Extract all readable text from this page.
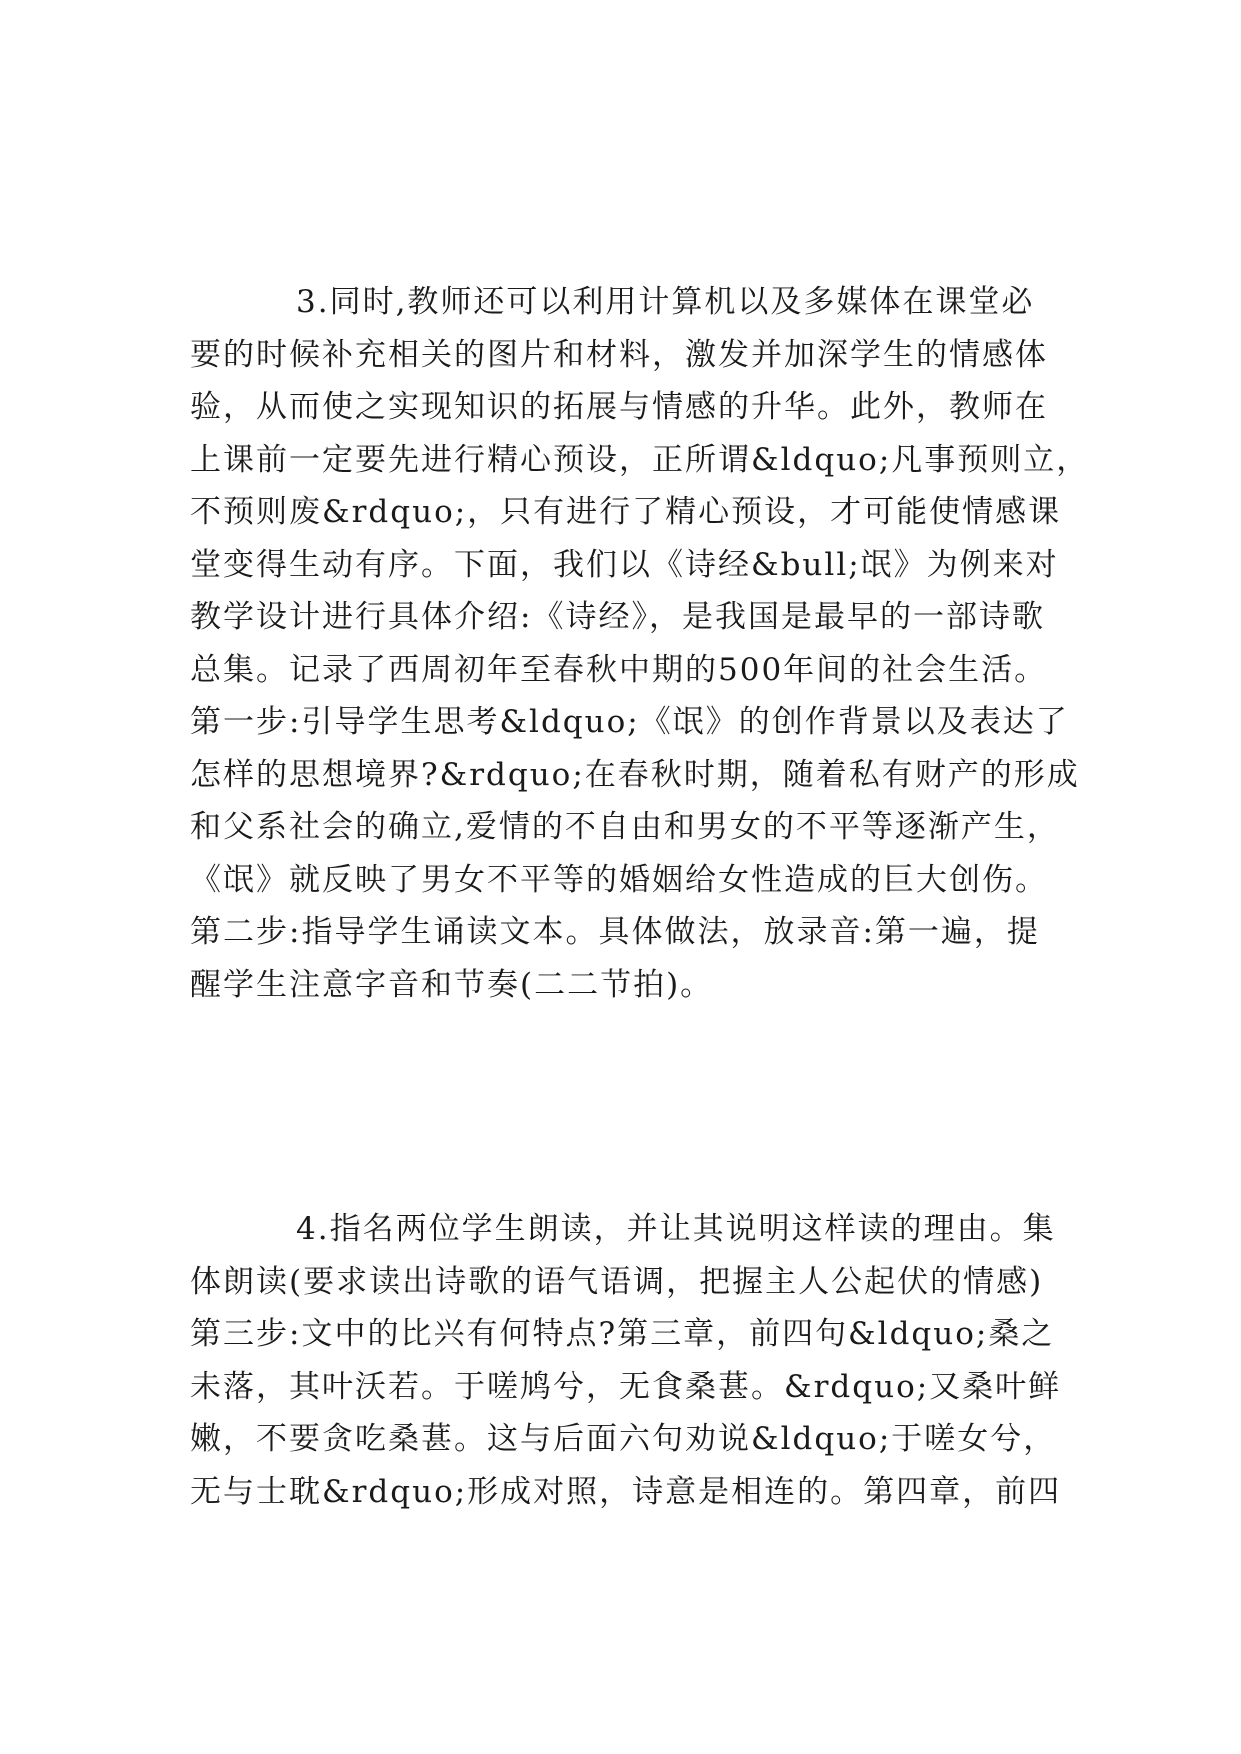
3.同时,教师还可以利用计算机以及多媒体在课堂必
要的时候补充相关的图片和材料，激发并加深学生的情感体
验，从而使之实现知识的拓展与情感的升华。此外，教师在
上课前一定要先进行精心预设，正所谓&ldquo;凡事预则立，
不预则废&rdquo;，只有进行了精心预设，才可能使情感课
堂变得生动有序。下面，我们以《诗经&bull;氓》为例来对
教学设计进行具体介绍:《诗经》，是我国是最早的一部诗歌
总集。记录了西周初年至春秋中期的500年间的社会生活。
第一步:引导学生思考&ldquo;《氓》的创作背景以及表达了
怎样的思想境界?&rdquo;在春秋时期，随着私有财产的形成
和父系社会的确立,爱情的不自由和男女的不平等逐渐产生，
《氓》就反映了男女不平等的婚姻给女性造成的巨大创伤。
第二步:指导学生诵读文本。具体做法，放录音:第一遍，提
醒学生注意字音和节奏(二二节拍)。
4.指名两位学生朗读，并让其说明这样读的理由。集
体朗读(要求读出诗歌的语气语调，把握主人公起伏的情感)
第三步:文中的比兴有何特点?第三章，前四句&ldquo;桑之
未落，其叶沃若。于嗟鸠兮，无食桑葚。&rdquo;又桑叶鲜
嫩，不要贪吃桑葚。这与后面六句劝说&ldquo;于嗟女兮，
无与士耽&rdquo;形成对照，诗意是相连的。第四章，前四
